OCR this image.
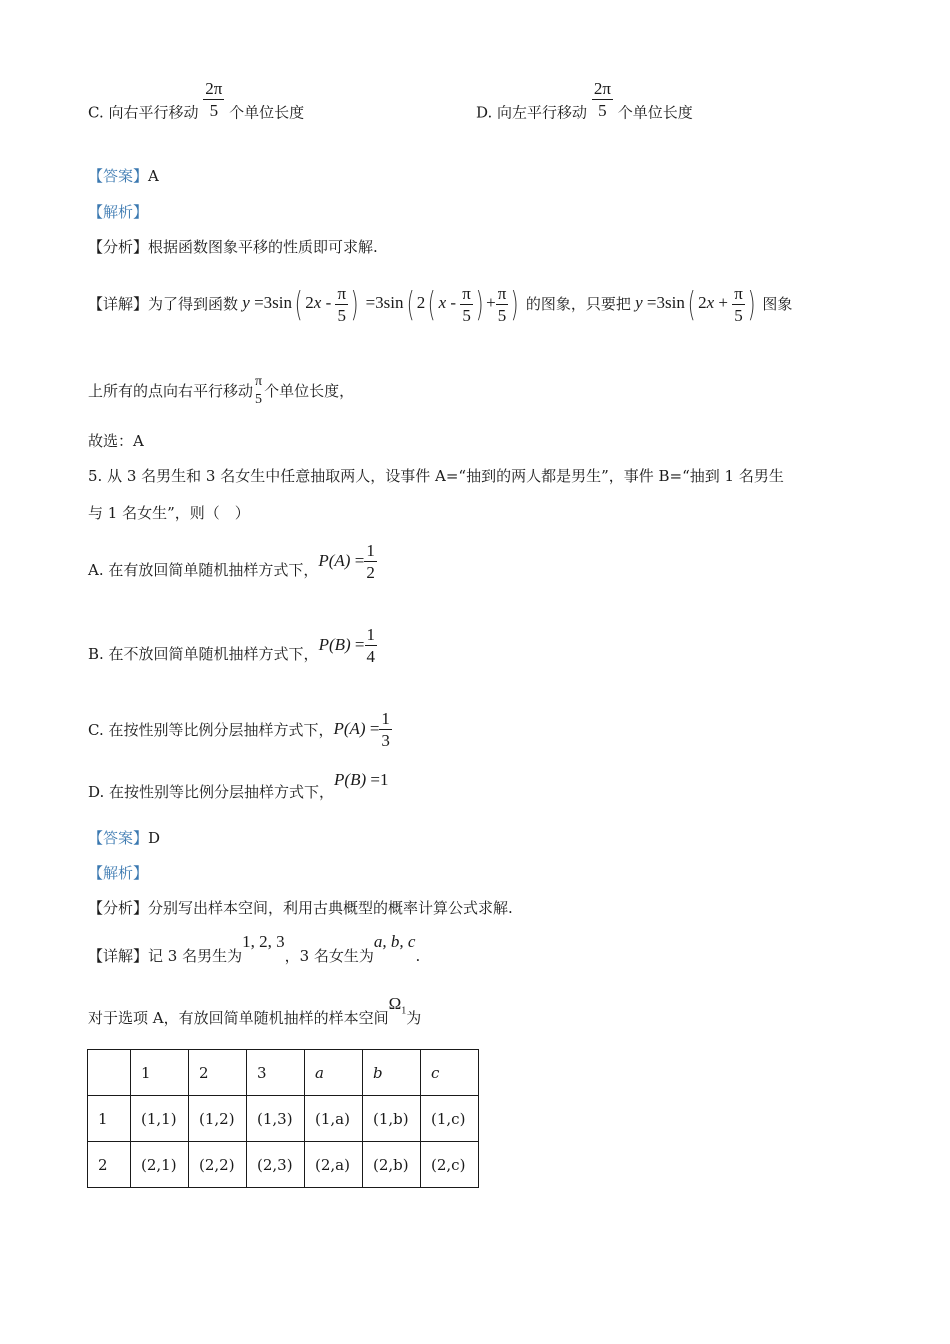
C. 向右平行移动 $\frac{2\pi}{5}$ 个单位长度	D. 向左平行移动 $\frac{2\pi}{5}$ 个单位长度
【答案】A
【解析】
【分析】根据函数图象平移的性质即可求解.
【详解】为了得到函数 y =3sin( $2x - \frac{\pi}{5}$ ) =3sin( 2( x - $\frac{\pi}{5}$ ) + $\frac{\pi}{5}$ ) 的图象，只要把 y =3sin( $2x + \frac{\pi}{5}$ ) 图象
上所有的点向右平行移动
π
5 个单位长度，
故选：A
5. 从 3 名男生和 3 名女生中任意抽取两人，设事件 A=“抽到的两人都是男生”，事件 B=“抽到 1 名男生
与 1 名女生”，则（　）
A. 在有放回简单随机抽样方式下，$P(A) = \frac{1}{2}$
B. 在不放回简单随机抽样方式下，$P(B) = \frac{1}{4}$
C. 在按性别等比例分层抽样方式下，$P(A) = \frac{1}{3}$
D. 在按性别等比例分层抽样方式下，P(B) =1
【答案】D
【解析】
【分析】分别写出样本空间，利用古典概型的概率计算公式求解.
【详解】记 3 名男生为1, 2, 3，3 名女生为a, b, c.
对于选项 A，有放回简单随机抽样的样本空间$\Omega_1$为
	1	2	3	a	b	c
1	(1,1)	(1,2)	(1,3)	(1,a)	(1,b)	(1,c)
2	(2,1)	(2,2)	(2,3)	(2,a)	(2,b)	(2,c)
